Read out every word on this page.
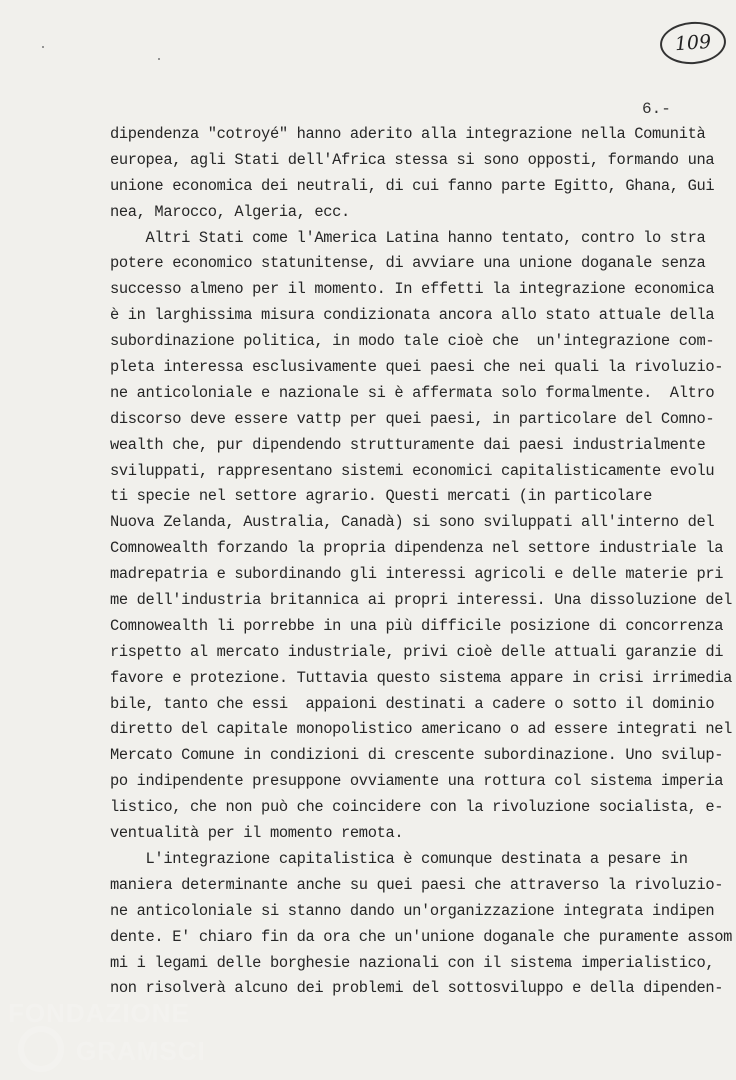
109
6.-
dipendenza "cotroyé" hanno aderito alla integrazione nella Comunità
europea, agli Stati dell'Africa stessa si sono opposti, formando una
unione economica dei neutrali, di cui fanno parte Egitto, Ghana, Gui
nea, Marocco, Algeria, ecc.
Altri Stati come l'America Latina hanno tentato, contro lo stra
potere economico statunitense, di avviare una unione doganale senza
successo almeno per il momento. In effetti la integrazione economica
è in larghissima misura condizionata ancora allo stato attuale della
subordinazione politica, in modo tale cioè che  un'integrazione com-
pleta interessa esclusivamente quei paesi che nei quali la rivoluzio-
ne anticoloniale e nazionale si è affermata solo formalmente.  Altro
discorso deve essere vattp per quei paesi, in particolare del Comno-
wealth che, pur dipendendo strutturamente dai paesi industrialmente
sviluppati, rappresentano sistemi economici capitalisticamente evolu
ti specie nel settore agrario. Questi mercati (in particolare
Nuova Zelanda, Australia, Canadà) si sono sviluppati all'interno del
Comnowealth forzando la propria dipendenza nel settore industriale la
madrepatria e subordinando gli interessi agricoli e delle materie pri
me dell'industria britannica ai propri interessi. Una dissoluzione del
Comnowealth li porrebbe in una più difficile posizione di concorrenza
rispetto al mercato industriale, privi cioè delle attuali garanzie di
favore e protezione. Tuttavia questo sistema appare in crisi irrimedia
bile, tanto che essi  appaioni destinati a cadere o sotto il dominio
diretto del capitale monopolistico americano o ad essere integrati nel
Mercato Comune in condizioni di crescente subordinazione. Uno svilup-
po indipendente presuppone ovviamente una rottura col sistema imperia
listico, che non può che coincidere con la rivoluzione socialista, e-
ventualità per il momento remota.
L'integrazione capitalistica è comunque destinata a pesare in
maniera determinante anche su quei paesi che attraverso la rivoluzio-
ne anticoloniale si stanno dando un'organizzazione integrata indipen
dente. E' chiaro fin da ora che un'unione doganale che puramente assom
mi i legami delle borghesie nazionali con il sistema imperialistico,
non risolverà alcuno dei problemi del sottosviluppo e della dipenden-
FONDAZIONE
GRAMSCI
